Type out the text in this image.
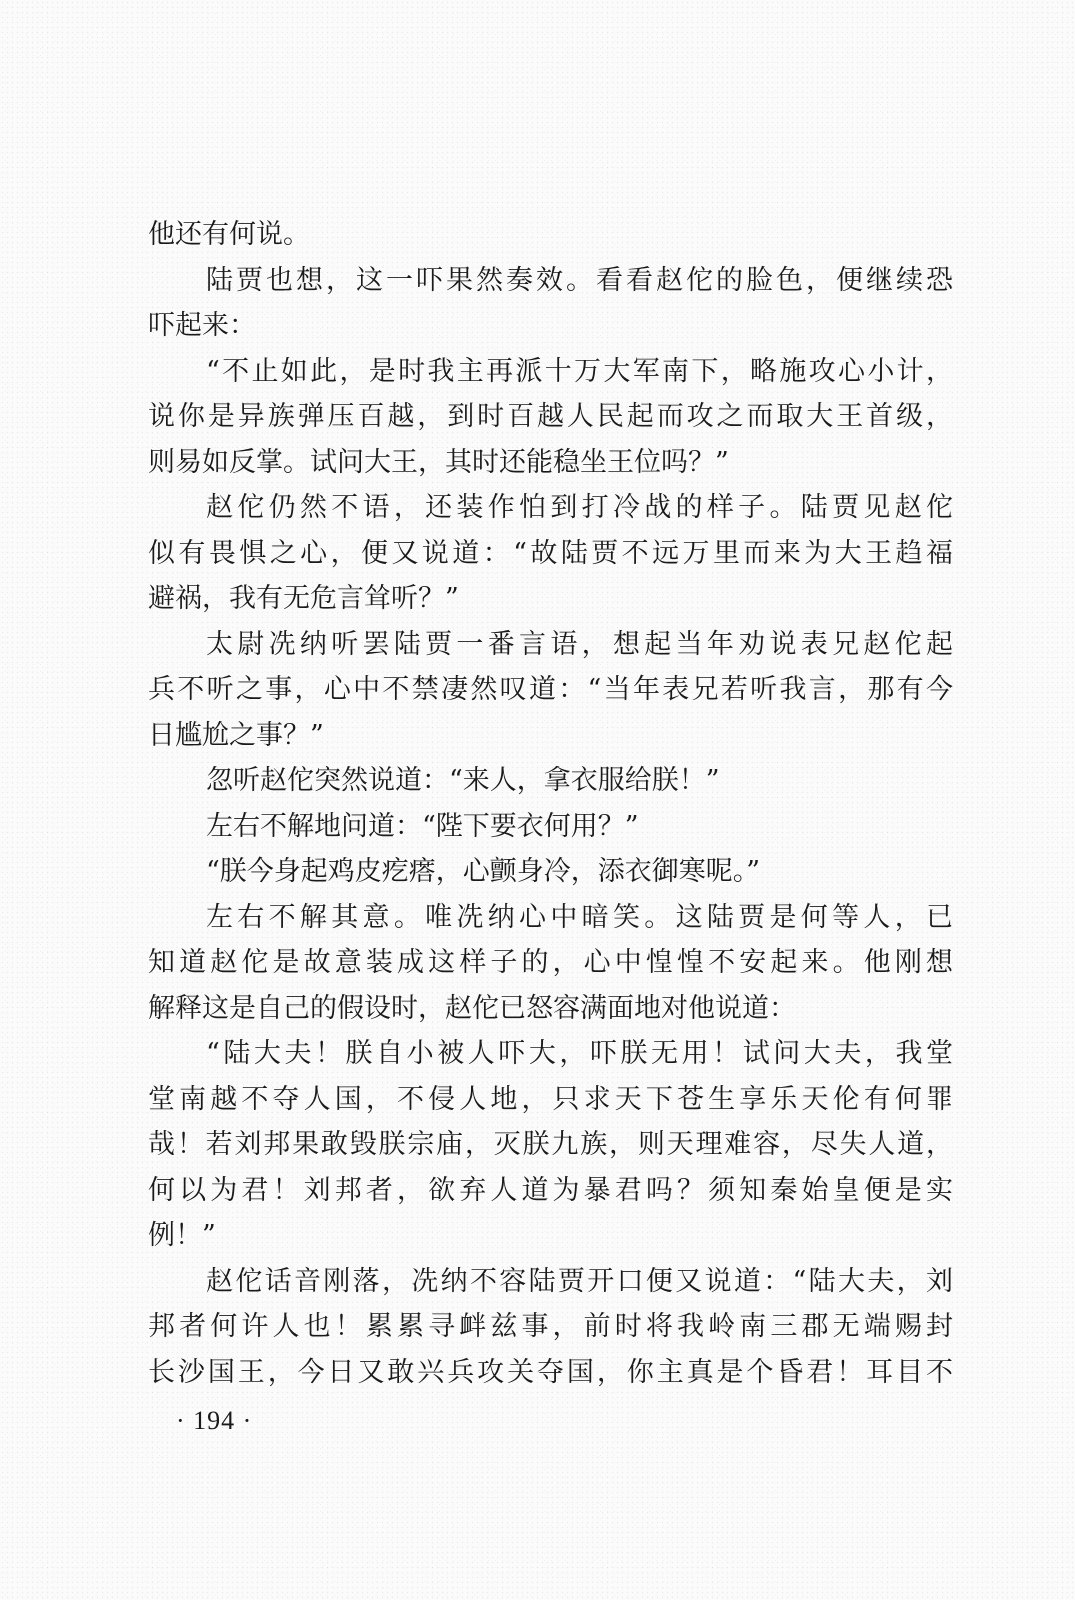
他还有何说。
陆贾也想，这一吓果然奏效。看看赵佗的脸色，便继续恐
吓起来：
“不止如此，是时我主再派十万大军南下，略施攻心小计，
说你是异族弹压百越，到时百越人民起而攻之而取大王首级，
则易如反掌。试问大王，其时还能稳坐王位吗？”
赵佗仍然不语，还装作怕到打冷战的样子。陆贾见赵佗
似有畏惧之心，便又说道：“故陆贾不远万里而来为大王趋福
避祸，我有无危言耸听？”
太尉冼纳听罢陆贾一番言语，想起当年劝说表兄赵佗起
兵不听之事，心中不禁凄然叹道：“当年表兄若听我言，那有今
日尴尬之事？”
忽听赵佗突然说道：“来人，拿衣服给朕！”
左右不解地问道：“陛下要衣何用？”
“朕今身起鸡皮疙瘩，心颤身冷，添衣御寒呢。”
左右不解其意。唯冼纳心中暗笑。这陆贾是何等人，已
知道赵佗是故意装成这样子的，心中惶惶不安起来。他刚想
解释这是自己的假设时，赵佗已怒容满面地对他说道：
“陆大夫！朕自小被人吓大，吓朕无用！试问大夫，我堂
堂南越不夺人国，不侵人地，只求天下苍生享乐天伦有何罪
哉！若刘邦果敢毁朕宗庙，灭朕九族，则天理难容，尽失人道，
何以为君！刘邦者，欲弃人道为暴君吗？须知秦始皇便是实
例！”
赵佗话音刚落，冼纳不容陆贾开口便又说道：“陆大夫，刘
邦者何许人也！累累寻衅兹事，前时将我岭南三郡无端赐封
长沙国王，今日又敢兴兵攻关夺国，你主真是个昏君！耳目不
· 194 ·
